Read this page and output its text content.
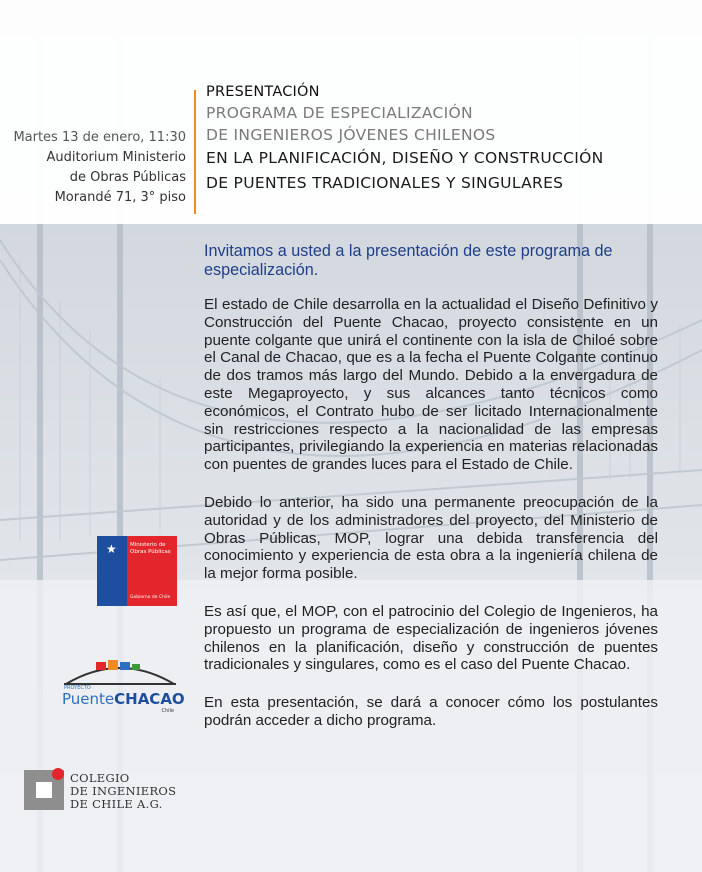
Martes 13 de enero, 11:30
Auditorium Ministerio
de Obras Públicas
Morandé 71, 3° piso
PRESENTACIÓN
PROGRAMA DE ESPECIALIZACIÓN
DE INGENIEROS JÓVENES CHILENOS
EN LA PLANIFICACIÓN, DISEÑO Y CONSTRUCCIÓN
DE PUENTES TRADICIONALES Y SINGULARES

Invitamos a usted a la presentación de este programa de especialización.

El estado de Chile desarrolla en la actualidad el Diseño Definitivo y Construcción del Puente Chacao, proyecto consistente en un puente colgante que unirá el continente con la isla de Chiloé sobre el Canal de Chacao, que es a la fecha el Puente Colgante continuo de dos tramos más largo del Mundo. Debido a la envergadura de este Megaproyecto, y sus alcances tanto técnicos como económicos, el Contrato hubo de ser licitado Internacionalmente sin restricciones respecto a la nacionalidad de las empresas participantes, privilegiando la experiencia en materias relacionadas con puentes de grandes luces para el Estado de Chile.

Debido lo anterior, ha sido una permanente preocupación de la autoridad y de los administradores del proyecto, del Ministerio de Obras Públicas, MOP, lograr una debida transferencia del conocimiento y experiencia de esta obra a la ingeniería chilena de la mejor forma posible.

Es así que, el MOP, con el patrocinio del Colegio de Ingenieros, ha propuesto un programa de especialización de ingenieros jóvenes chilenos en la planificación, diseño y construcción de puentes tradicionales y singulares, como es el caso del Puente Chacao.

En esta presentación, se dará a conocer cómo los postulantes podrán acceder a dicho programa.

★ Ministerio de Obras Públicas
Gobierno de Chile
PROYECTO
PuenteCHACAO
Chile
COLEGIO
DE INGENIEROS
DE CHILE A.G.
